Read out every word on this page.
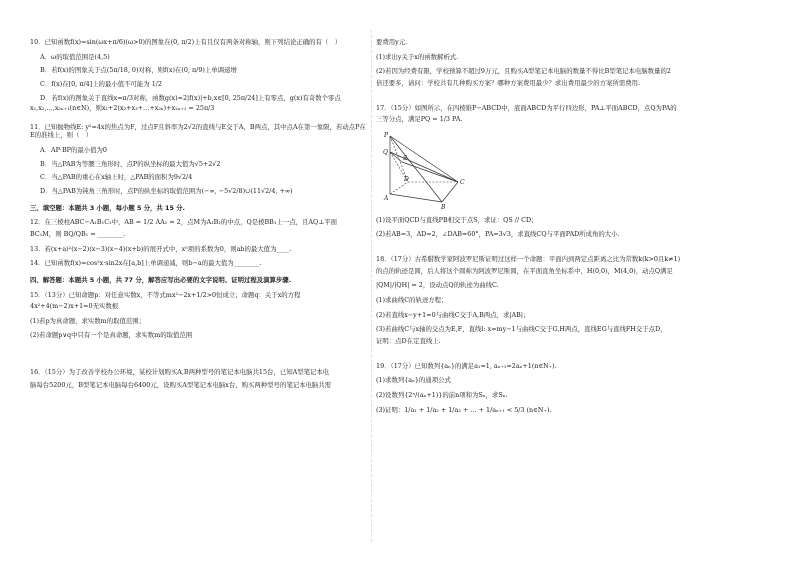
10．已知函数f(x)=sin(ωx+π/6)(ω>0)的图象在(0, π/2)上有且仅有两条对称轴，则下列结论正确的有（　）

A．ω的取值范围是(4,5)

B．若f(x)的图象关于点(5π/18, 0)对称，则f(x)在(0, π/9)上单调递增

C．f(x)在[0, π/4]上的最小值不可能为 1/2

D．若f(x)的图象关于直线x=π/3对称，函数g(x)=2|f(x)|+b,x∈[0, 25π/24]上有零点，g(x)有奇数个零点

x₁,x₂,…,x₂ₙ₊₁(n∈N)，则x₁+2(x₂+x₃+…+x₂ₙ)+x₂ₙ₊₁ = 25π/3

11．已知抛物线E: y²=4x的焦点为F，过点F且斜率为2√2的直线与E交于A，B两点，其中点A在第一象限，若动点P在E的准线上，则（　）

A．AP·BP的最小值为0

B．当△PAB为等腰三角形时，点P的纵坐标的最大值为√5+2√2

C．当△PAB的重心在x轴上时，△PAB的面积为9√2/4

D．当△PAB为钝角三角形时，点P的纵坐标的取值范围为(−∞, −5√2/8)∪(11√2/4, +∞)

三、填空题：本题共 3 小题，每小题 5 分，共 15 分.

12．在三棱柱ABC−A₁B₁C₁中，AB = 1/2 AA₁ = 2，点M为A₁B₁的中点，Q是棱BB₁上一点，且AQ⊥平面

BC₁M，则 BQ/QB₁ = ________.

13．若(x+a)²(x−2)(x−3)(x−4)(x+b)的展开式中，x⁵项的系数为0，则ab的最大值为____.

14．已知函数f(x)=cos²x·sin2x在[a,b]上单调递减，则b−a的最大值为________.

四、解答题：本题共 5 小题，共 77 分，解答应写出必要的文字说明、证明过程及演算步骤.

15．（13分）已知命题p：对任意实数x，不等式mx²−2x+1/2>0恒成立；命题q：关于x的方程

4x²+4(m−2)x+1=0无实数根

(1)若p为真命题，求实数m的取值范围；

(2)若命题p∨q中只有一个是真命题，求实数m的取值范围

16．（15分）为了改善学校办公环境，某校计划购买A,B两种型号的笔记本电脑共15台，已知A型笔记本电

脑每台5200元，B型笔记本电脑每台6400元，设购买A型笔记本电脑x台，购买两种型号的笔记本电脑共需

要费用y元.

(1)求出y关于x的函数解析式.

(2)若因为经费有限，学校预算不超过9万元，且购买A型笔记本电脑的数量不得比B型笔记本电脑数量的2

倍还要多，请问：学校共有几种购买方案？哪种方案费用最少？求出费用最少的方案所需费用.

17．（15分）如图所示，在四棱锥P−ABCD中，底面ABCD为平行四边形，PA⊥平面ABCD，点Q为PA的

三等分点，满足PQ = 1/3 PA.

P
Q
S
A
B
C
D

(1)设平面QCD与直线PB相交于点S，求证：QS // CD；

(2)若AB=3，AD=2，∠DAB=60°，PA=3√3，求直线CQ与平面PAD所成角的大小.

18．（17分）古希腊数学家阿波罗尼斯证明过这样一个命题：平面内到两定点距离之比为常数k(k>0且k≠1)

的点的轨迹是圆，后人将这个圆称为阿波罗尼斯圆，在平面直角坐标系中，H(0,0)，M(4,0)，动点Q满足

|QM|/|QH| = 2，设动点Q的轨迹为曲线C.

(1)求曲线C的轨迹方程；

(2)若直线x−y+1=0与曲线C交于A,B两点，求|AB|；

(3)若曲线C与x轴的交点为E,F，直线l: x=my−1与曲线C交于G,H两点，直线EG与直线FH交于点D，

证明：点D在定直线上.

19．（17分）已知数列{aₙ}的满足a₁=1, aₙ₊₁=2aₙ+1(n∈N₊).

(1)求数列{aₙ}的通项公式

(2)设数列{2ⁿ/(aₙ+1)}的前n项和为Sₙ，求Sₙ.

(3)证明：1/a₁ + 1/a₂ + 1/a₃ + … + 1/aₙ₊₁ < 5/3 (n∈N₊).
